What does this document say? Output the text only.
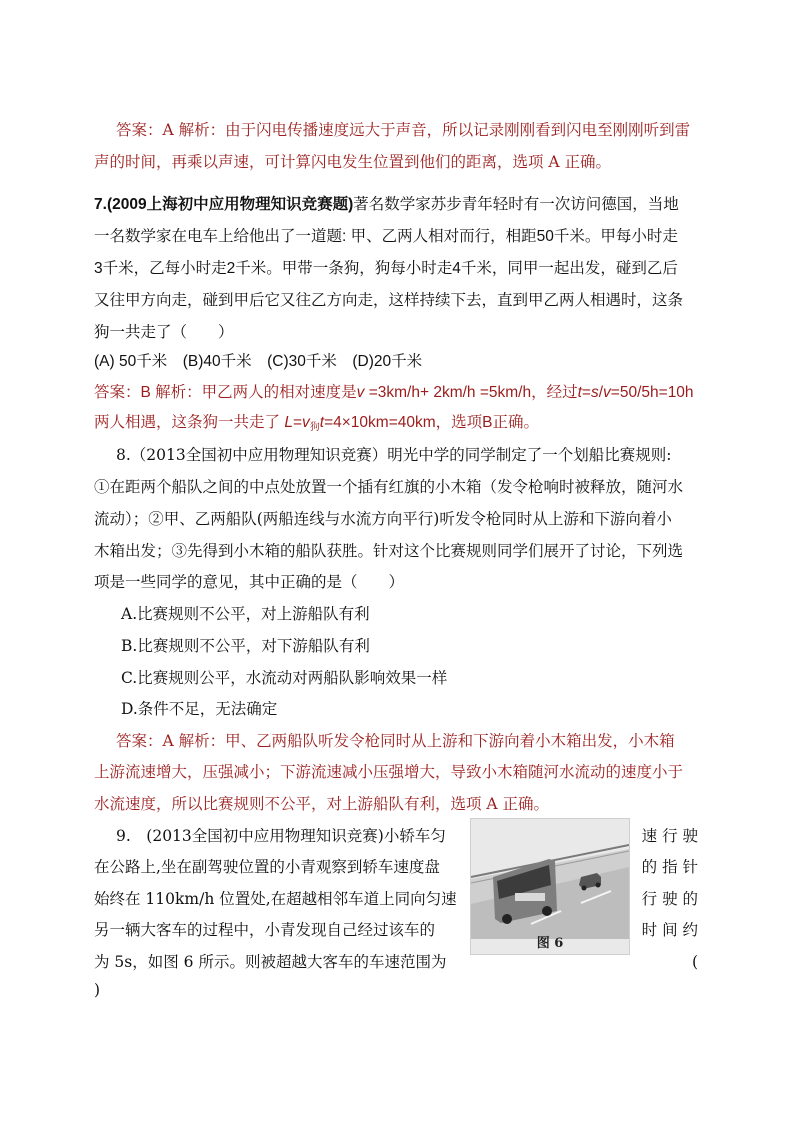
答案：A 解析：由于闪电传播速度远大于声音，所以记录刚刚看到闪电至刚刚听到雷
声的时间，再乘以声速，可计算闪电发生位置到他们的距离，选项 A 正确。
7.(2009上海初中应用物理知识竞赛题)著名数学家苏步青年轻时有一次访问德国，当地
一名数学家在电车上给他出了一道题: 甲、乙两人相对而行，相距50千米。甲每小时走
3千米，乙每小时走2千米。甲带一条狗，狗每小时走4千米，同甲一起出发，碰到乙后
又往甲方向走，碰到甲后它又往乙方向走，这样持续下去，直到甲乙两人相遇时，这条
狗一共走了（　　）
(A) 50千米　(B)40千米　(C)30千米　(D)20千米
答案：B 解析：甲乙两人的相对速度是v =3km/h+ 2km/h =5km/h，经过t=s/v=50/5h=10h
两人相遇，这条狗一共走了 $L=v_狗t=4\times 10km=40km$，选项B正确。
8.（2013全国初中应用物理知识竞赛）明光中学的同学制定了一个划船比赛规则:
①在距两个船队之间的中点处放置一个插有红旗的小木箱（发令枪响时被释放，随河水
流动）；②甲、乙两船队(两船连线与水流方向平行)听发令枪同时从上游和下游向着小
木箱出发；③先得到小木箱的船队获胜。针对这个比赛规则同学们展开了讨论，下列选
项是一些同学的意见，其中正确的是（　　）
A.比赛规则不公平，对上游船队有利
B.比赛规则不公平，对下游船队有利
C.比赛规则公平，水流动对两船队影响效果一样
D.条件不足，无法确定
答案：A 解析：甲、乙两船队听发令枪同时从上游和下游向着小木箱出发，小木箱
上游流速增大，压强减小；下游流速减小压强增大，导致小木箱随河水流动的速度小于
水流速度，所以比赛规则不公平，对上游船队有利，选项 A 正确。
9.　(2013全国初中应用物理知识竞赛)小轿车匀
在公路上,坐在副驾驶位置的小青观察到轿车速度盘
始终在 110km/h 位置处,在超越相邻车道上同向匀速
另一辆大客车的过程中，小青发现自己经过该车的
为 5s，如图 6 所示。则被超越大客车的车速范围为
)
速 行 驶
的 指 针
行 驶 的
时 间 约
(
图 6
